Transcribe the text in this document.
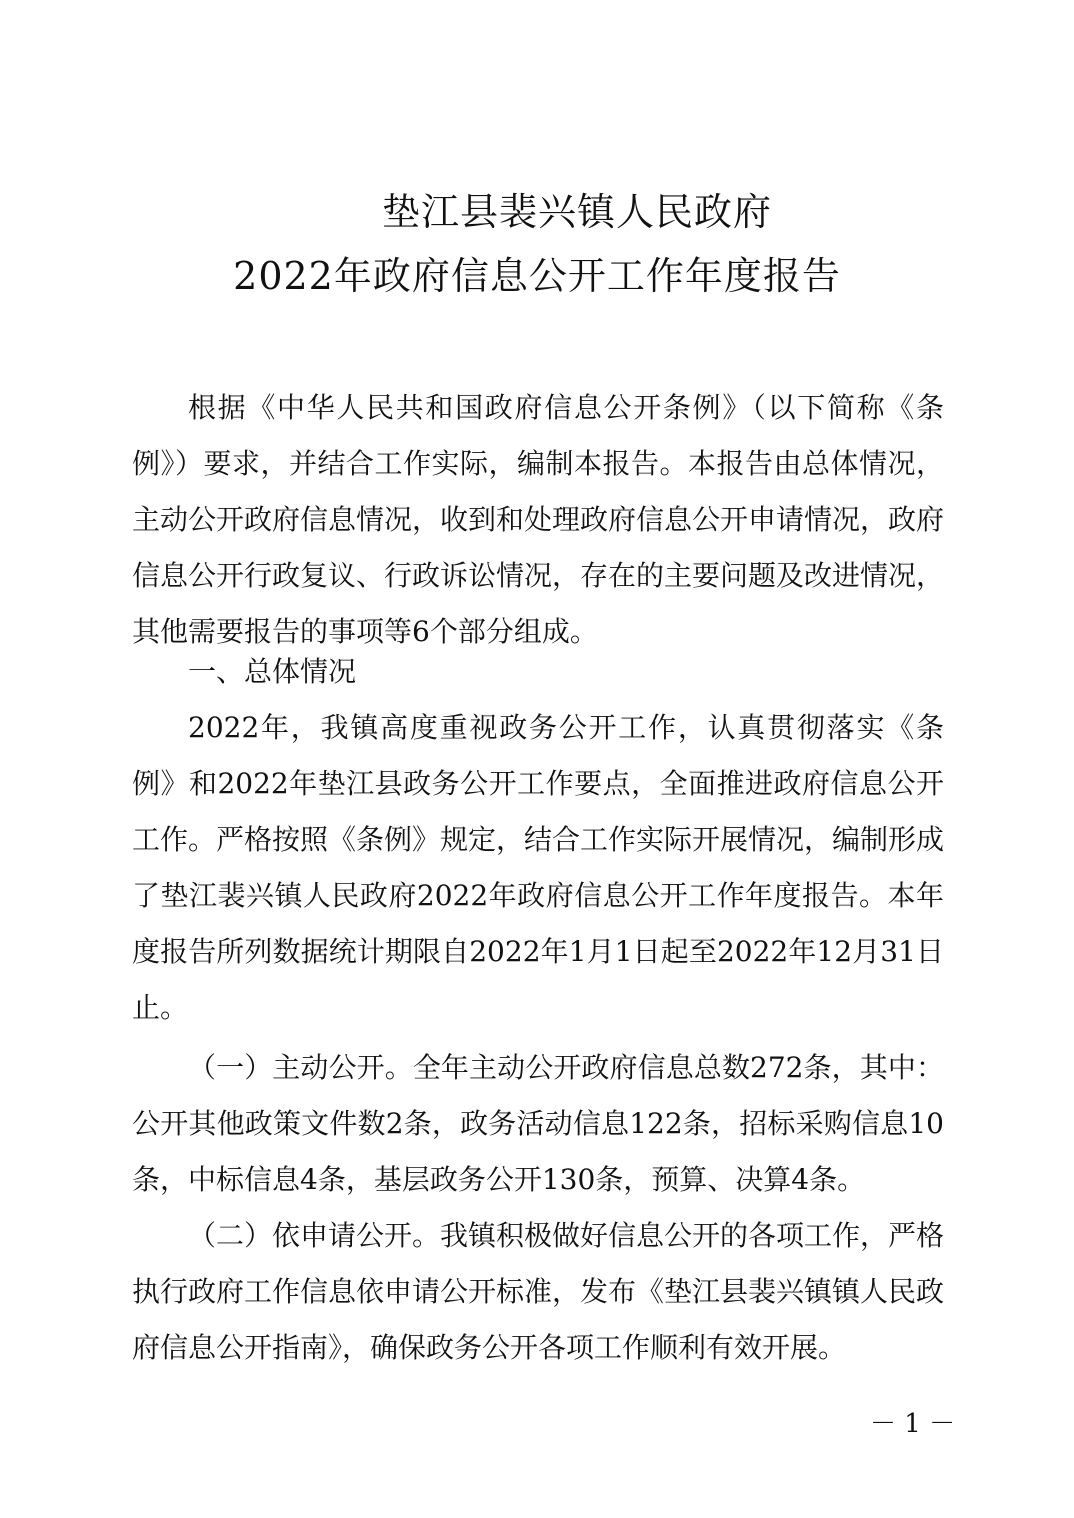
垫江县裴兴镇人民政府
2022年政府信息公开工作年度报告

根据《中华人民共和国政府信息公开条例》（以下简称《条例》）要求，并结合工作实际，编制本报告。本报告由总体情况，主动公开政府信息情况，收到和处理政府信息公开申请情况，政府信息公开行政复议、行政诉讼情况，存在的主要问题及改进情况，其他需要报告的事项等6个部分组成。

一、总体情况

2022年，我镇高度重视政务公开工作，认真贯彻落实《条例》和2022年垫江县政务公开工作要点，全面推进政府信息公开工作。严格按照《条例》规定，结合工作实际开展情况，编制形成了垫江裴兴镇人民政府2022年政府信息公开工作年度报告。本年度报告所列数据统计期限自2022年1月1日起至2022年12月31日止。

（一）主动公开。全年主动公开政府信息总数272条，其中：公开其他政策文件数2条，政务活动信息122条，招标采购信息10条，中标信息4条，基层政务公开130条，预算、决算4条。

（二）依申请公开。我镇积极做好信息公开的各项工作，严格执行政府工作信息依申请公开标准，发布《垫江县裴兴镇镇人民政府信息公开指南》，确保政务公开各项工作顺利有效开展。

－ 1 －
